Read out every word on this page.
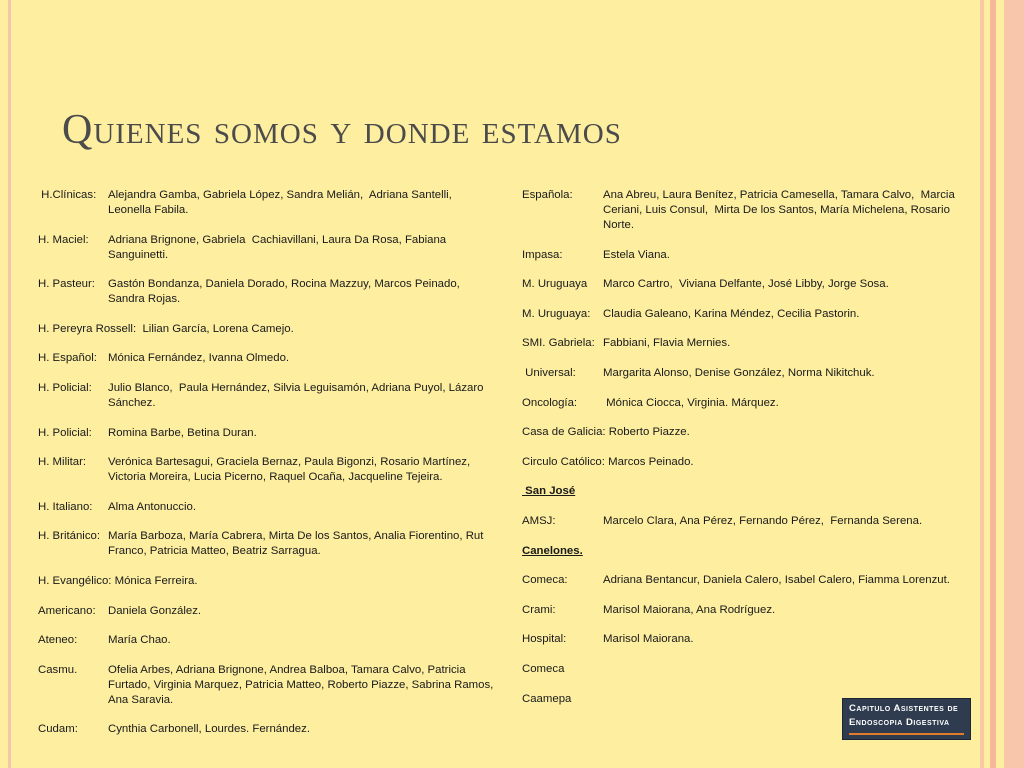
Quienes somos y donde estamos
H.Clínicas:	Alejandra Gamba, Gabriela López, Sandra Melián,  Adriana Santelli, Leonella Fabila.
H. Maciel:	Adriana Brignone, Gabriela  Cachiavillani, Laura Da Rosa, Fabiana Sanguinetti.
H. Pasteur:	Gastón Bondanza, Daniela Dorado, Rocina Mazzuy, Marcos Peinado, Sandra Rojas.
H. Pereyra Rossell: Lilian García, Lorena Camejo.
H. Español: Mónica Fernández, Ivanna Olmedo.
H. Policial:	Julio Blanco,  Paula Hernández, Silvia Leguisamón, Adriana Puyol, Lázaro Sánchez.
H. Policial:	Romina Barbe, Betina Duran.
H. Militar:	Verónica Bartesagui, Graciela Bernaz, Paula Bigonzi, Rosario Martínez, Victoria Moreira, Lucia Picerno, Raquel Ocaña, Jacqueline Tejeira.
H. Italiano:	Alma Antonuccio.
H. Británico: María Barboza, María Cabrera, Mirta De los Santos, Analia Fiorentino, Rut Franco, Patricia Matteo, Beatriz Sarragua.
H. Evangélico: Mónica Ferreira.
Americano:	Daniela González.
Ateneo:	María Chao.
Casmu.	Ofelia Arbes, Adriana Brignone, Andrea Balboa, Tamara Calvo, Patricia Furtado, Virginia Marquez, Patricia Matteo, Roberto Piazze, Sabrina Ramos, Ana Saravia.
Cudam:	Cynthia Carbonell, Lourdes. Fernández.
Española:	Ana Abreu, Laura Benítez, Patricia Camesella, Tamara Calvo,  Marcia Ceriani, Luis Consul,  Mirta De los Santos, María Michelena, Rosario Norte.
Impasa:	Estela Viana.
M. Uruguaya	Marco Cartro,  Viviana Delfante, José Libby, Jorge Sosa.
M. Uruguaya:	Claudia Galeano, Karina Méndez, Cecilia Pastorin.
SMI. Gabriela: Fabbiani, Flavia Mernies.
Universal:	Margarita Alonso, Denise González, Norma Nikitchuk.
Oncología:	Mónica Ciocca, Virginia. Márquez.
Casa de Galicia: Roberto Piazze.
Circulo Católico: Marcos Peinado.
San José
AMSJ:	Marcelo Clara, Ana Pérez, Fernando Pérez,  Fernanda Serena.
Canelones.
Comeca:	Adriana Bentancur, Daniela Calero, Isabel Calero, Fiamma Lorenzut.
Crami:	Marisol Maiorana, Ana Rodríguez.
Hospital:	Marisol Maiorana.
Comeca
Caamepa
Capitulo Asistentes de
Endoscopia Digestiva
